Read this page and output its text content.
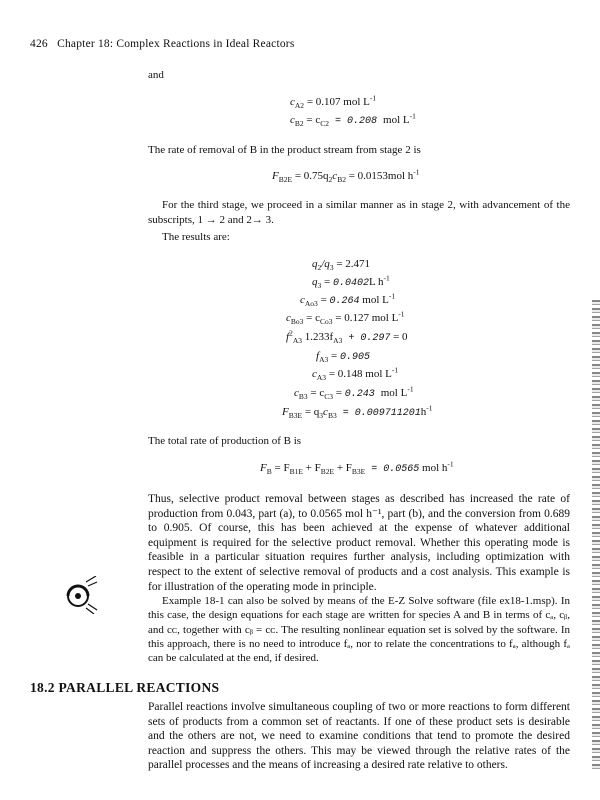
426 Chapter 18: Complex Reactions in Ideal Reactors
and
$c_{A2} = 0.107$ mol $L^{-1}$
$c_{B2} = c_{C2} = 0.208$ mol $L^{-1}$
The rate of removal of B in the product stream from stage 2 is
$F_{B2E} = 0.75q_2c_{B2} = 0.0153mol$ $h^{-1}$
For the third stage, we proceed in a similar manner as in stage 2, with advancement of the subscripts, 1 → 2 and 2→ 3.
The results are:
$q_2/q_3 = 2.471$
$q_3 = 0.0402L$ $h^{-1}$
$c_{Ao3} = 0.264$ mol $L^{-1}$
$c_{Bo3} = c_{Co3} = 0.127$ mol $L^{-1}$
$f^2_{A3}$ $1.233f_{A3} + 0.297 = 0$
$f_{A3} = 0.905$
$c_{A3} = 0.148$ mol $L^{-1}$
$c_{B3} = c_{C3} = 0.243$ mol $L^{-1}$
$F_{B3E} = q_3c_{B3} = 0.009711201h^{-1}$
The total rate of production of B is
$F_B = F_{B1E} + F_{B2E} + F_{B3E} = 0.0565$ mol $h^{-1}$
Thus, selective product removal between stages as described has increased the rate of production from 0.043, part (a), to 0.0565 mol h⁻¹, part (b), and the conversion from 0.689 to 0.905. Of course, this has been achieved at the expense of whatever additional equipment is required for the selective product removal. Whether this operating mode is feasible in a particular situation requires further analysis, including optimization with respect to the extent of selective removal of products and a cost analysis. This example is for illustration of the operating mode in principle.
Example 18-1 can also be solved by means of the E-Z Solve software (file ex18-1.msp). In this case, the design equations for each stage are written for species A and B in terms of cₐ, cᵦ, and cᴄ, together with cᵦ = cᴄ. The resulting nonlinear equation set is solved by the software. In this approach, there is no need to introduce fₐ, nor to relate the concentrations to fₐ, although fₐ can be calculated at the end, if desired.
18.2 PARALLEL REACTIONS
Parallel reactions involve simultaneous coupling of two or more reactions to form different sets of products from a common set of reactants. If one of these product sets is desirable and the others are not, we need to examine conditions that tend to promote the desired reaction and suppress the others. This may be viewed through the relative rates of the parallel processes and the means of increasing a desired rate relative to others.
